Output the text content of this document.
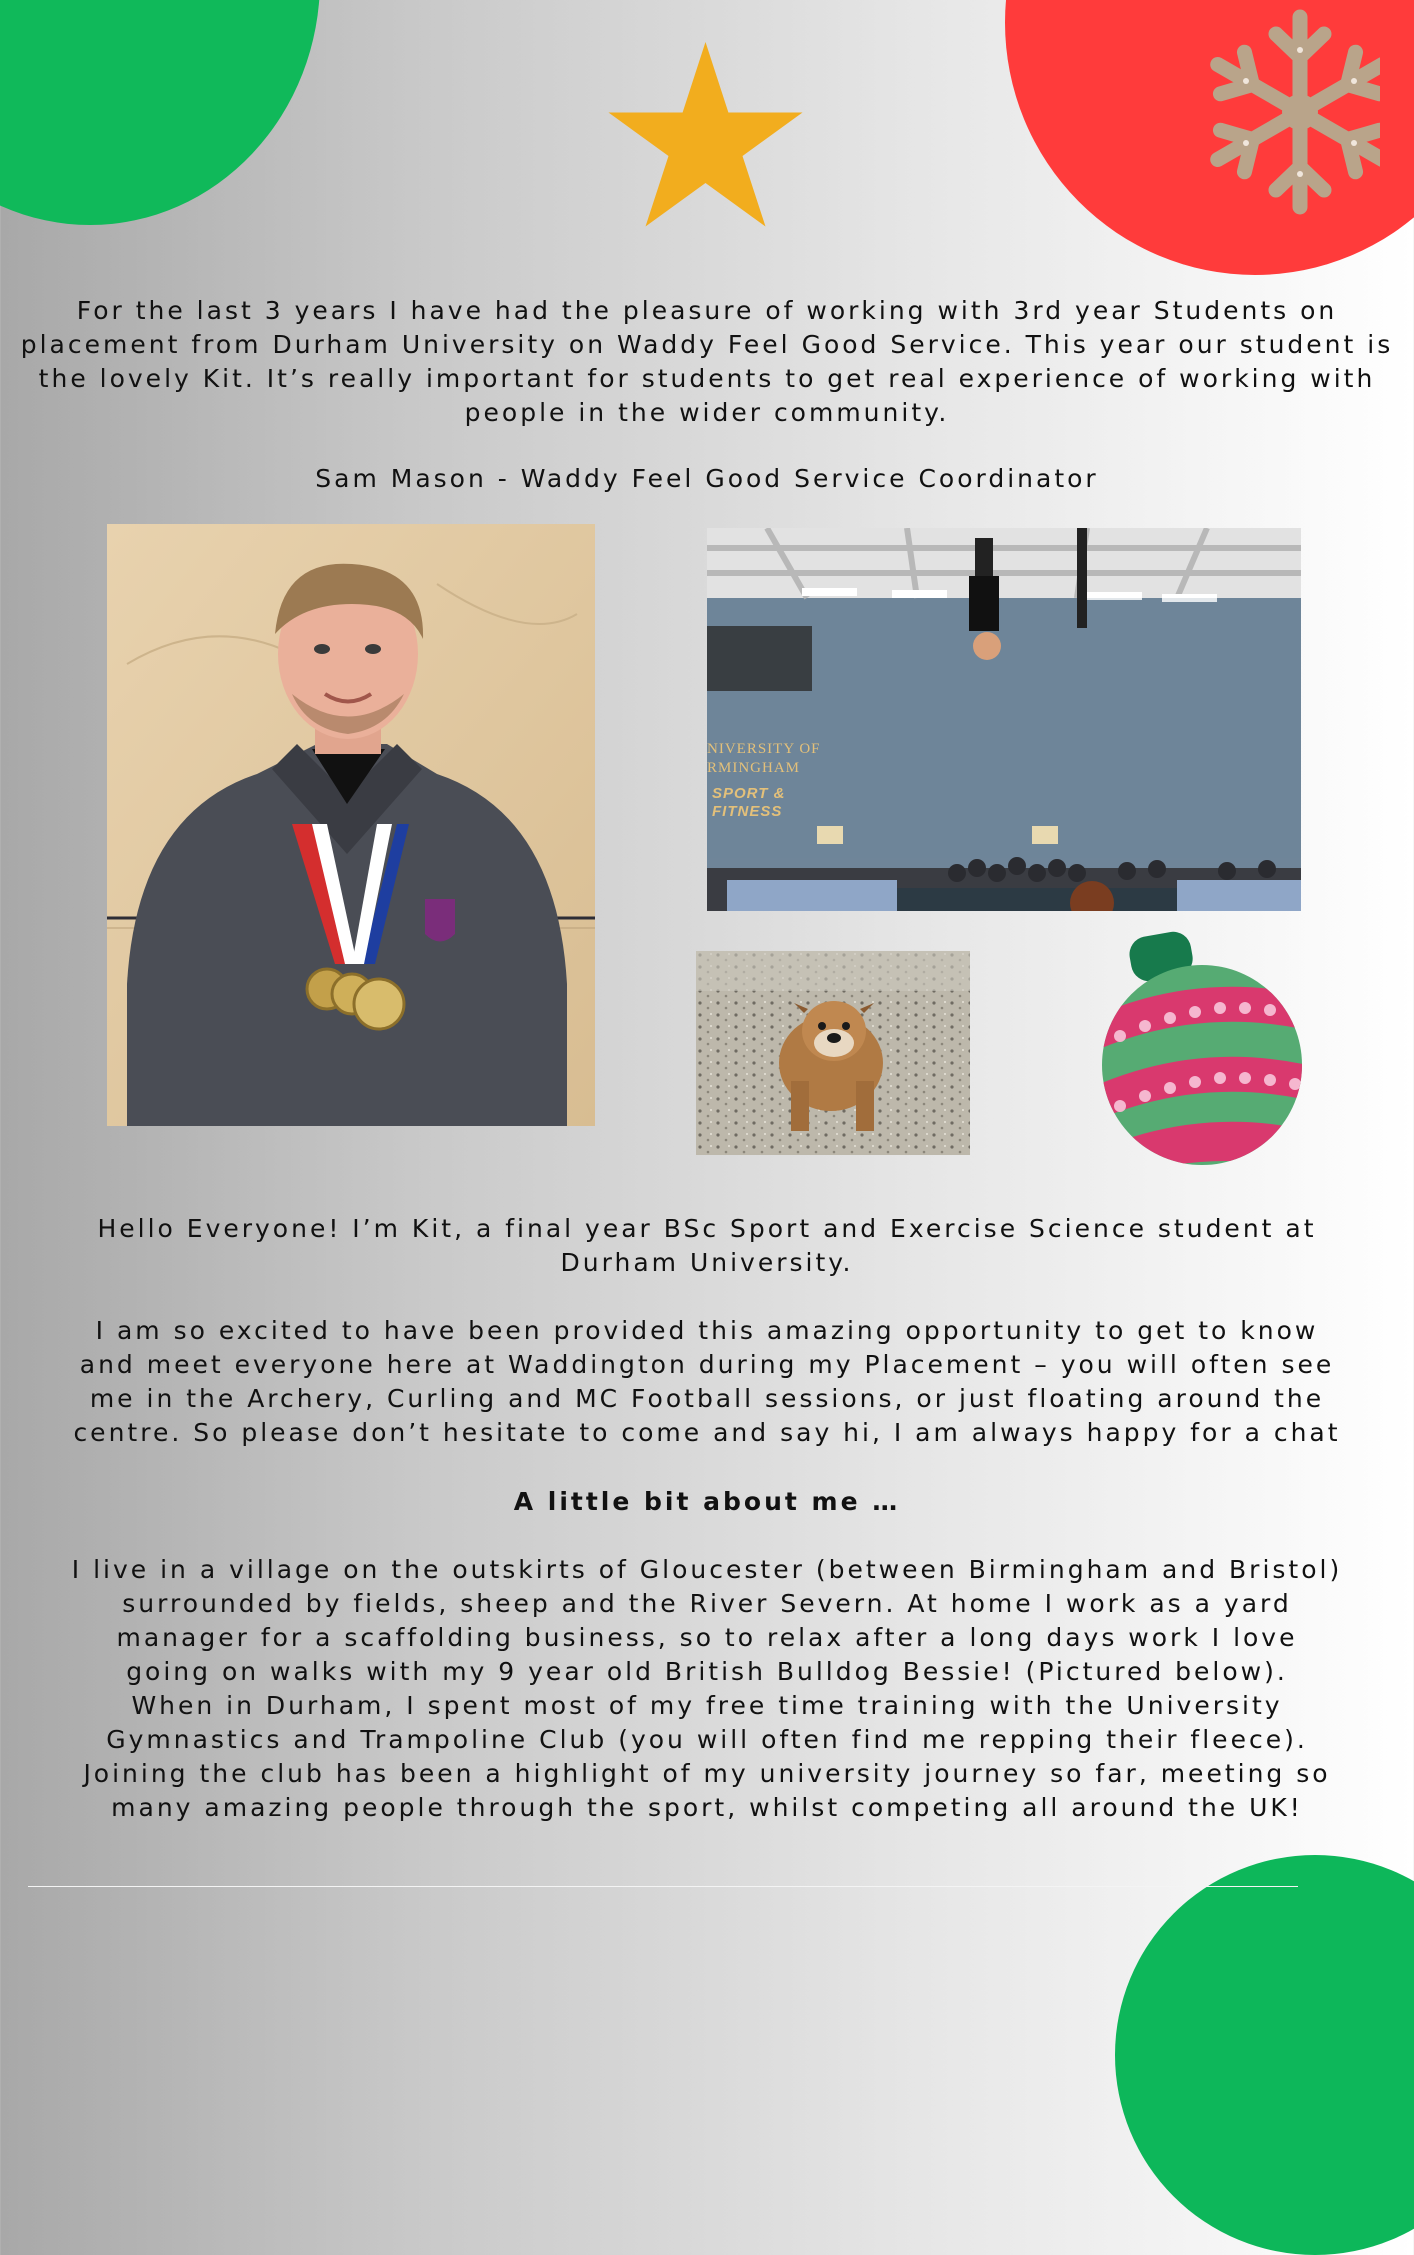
For the last 3 years I have had the pleasure of working with 3rd year Students on

placement from Durham University on Waddy Feel Good Service. This year our student is

the lovely Kit. It’s really important for students to get real experience of working with

people in the wider community.

Sam Mason - Waddy Feel Good Service Coordinator
NIVERSITY OF
RMINGHAM
SPORT &
FITNESS
Hello Everyone! I’m Kit, a final year BSc Sport and Exercise Science student at
Durham University.
I am so excited to have been provided this amazing opportunity to get to know
and meet everyone here at Waddington during my Placement – you will often see
me in the Archery, Curling and MC Football sessions, or just floating around the
centre. So please don’t hesitate to come and say hi, I am always happy for a chat
A little bit about me …
I live in a village on the outskirts of Gloucester (between Birmingham and Bristol)
surrounded by fields, sheep and the River Severn. At home I work as a yard
manager for a scaffolding business, so to relax after a long days work I love
going on walks with my 9 year old British Bulldog Bessie! (Pictured below).
When in Durham, I spent most of my free time training with the University
Gymnastics and Trampoline Club (you will often find me repping their fleece).
Joining the club has been a highlight of my university journey so far, meeting so
many amazing people through the sport, whilst competing all around the UK!
